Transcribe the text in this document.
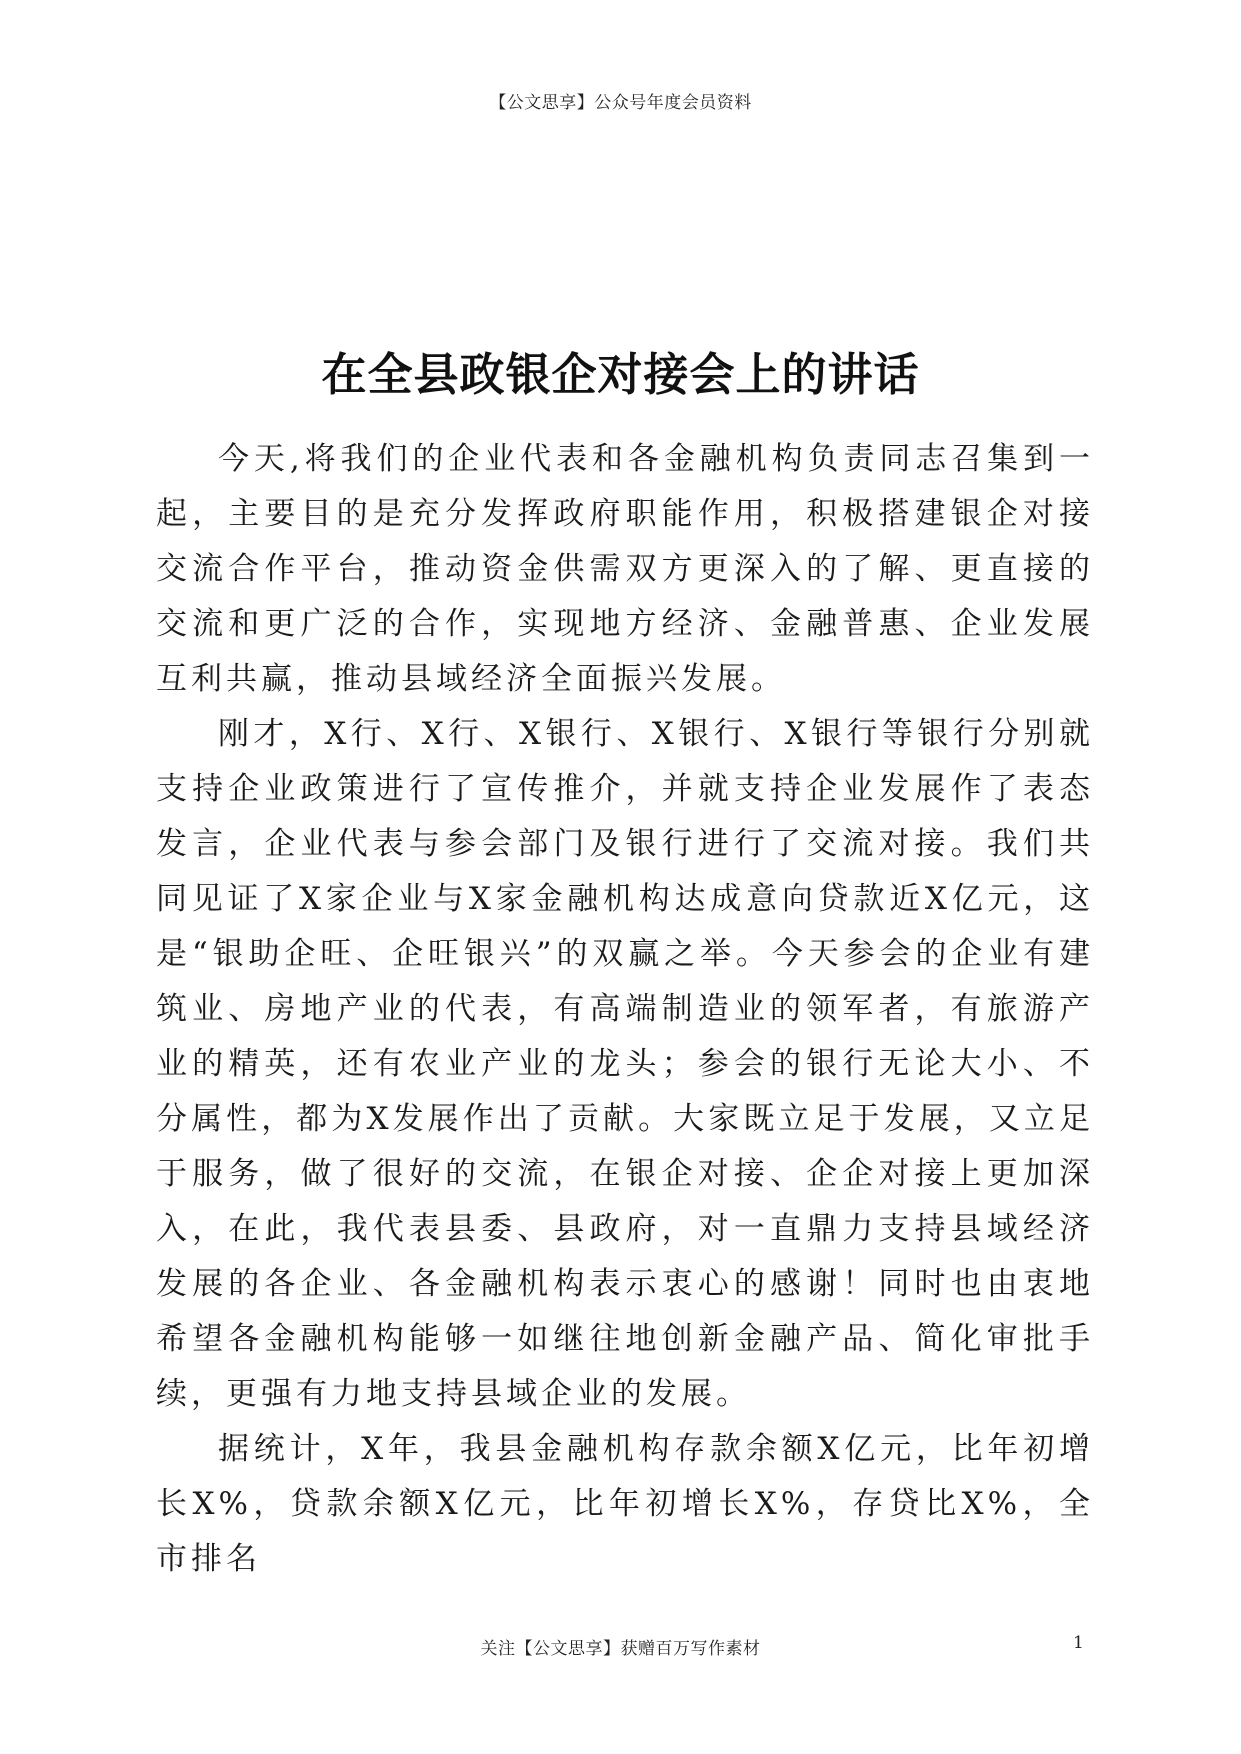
【公文思享】公众号年度会员资料
在全县政银企对接会上的讲话

今天,将我们的企业代表和各金融机构负责同志召集到一起，主要目的是充分发挥政府职能作用，积极搭建银企对接交流合作平台，推动资金供需双方更深入的了解、更直接的交流和更广泛的合作，实现地方经济、金融普惠、企业发展互利共赢，推动县域经济全面振兴发展。

刚才，X行、X行、X银行、X银行、X银行等银行分别就支持企业政策进行了宣传推介，并就支持企业发展作了表态发言，企业代表与参会部门及银行进行了交流对接。我们共同见证了X家企业与X家金融机构达成意向贷款近X亿元，这是“银助企旺、企旺银兴”的双赢之举。今天参会的企业有建筑业、房地产业的代表，有高端制造业的领军者，有旅游产业的精英，还有农业产业的龙头；参会的银行无论大小、不分属性，都为X发展作出了贡献。大家既立足于发展，又立足于服务，做了很好的交流，在银企对接、企企对接上更加深入，在此，我代表县委、县政府，对一直鼎力支持县域经济发展的各企业、各金融机构表示衷心的感谢！同时也由衷地希望各金融机构能够一如继往地创新金融产品、简化审批手续，更强有力地支持县域企业的发展。

据统计，X年，我县金融机构存款余额X亿元，比年初增长X%，贷款余额X亿元，比年初增长X%，存贷比X%，全市排名

关注【公文思享】获赠百万写作素材	1
